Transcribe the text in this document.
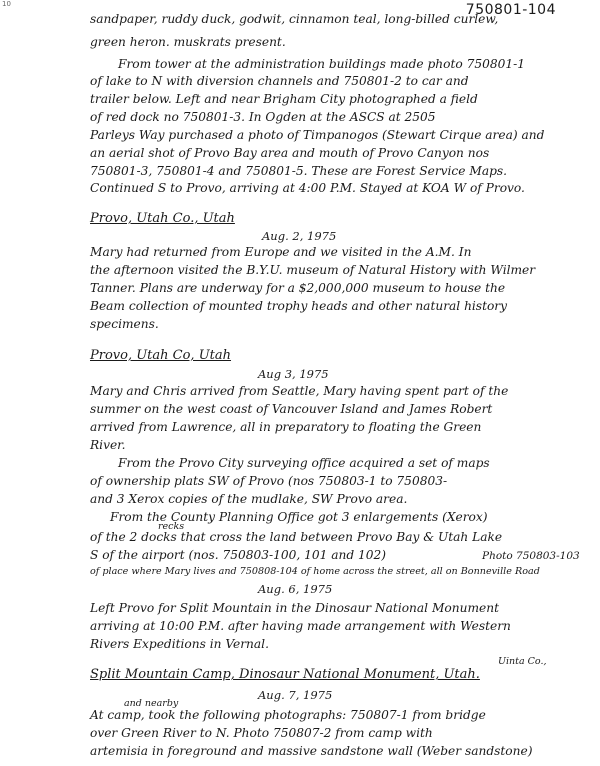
10	750801-104
sandpaper, ruddy duck, godwit, cinnamon teal, long-billed curlew,
green heron. muskrats present.
From tower at the administration buildings made photo 750801-1
of lake to N with diversion channels and 750801-2 to car and
trailer below. Left and near Brigham City photographed a field
of red dock no 750801-3. In Ogden at the ASCS at 2505
Parleys Way purchased a photo of Timpanogos (Stewart Cirque area) and
an aerial shot of Provo Bay area and mouth of Provo Canyon nos
750801-3, 750801-4 and 750801-5. These are Forest Service Maps.
Continued S to Provo, arriving at 4:00 P.M. Stayed at KOA W of Provo.
Provo, Utah Co., Utah
Aug. 2, 1975
Mary had returned from Europe and we visited in the A.M. In
the afternoon visited the B.Y.U. museum of Natural History with Wilmer
Tanner. Plans are underway for a $2,000,000 museum to house the
Beam collection of mounted trophy heads and other natural history
specimens.
Provo, Utah Co, Utah
Aug 3, 1975
Mary and Chris arrived from Seattle, Mary having spent part of the
summer on the west coast of Vancouver Island and James Robert
arrived from Lawrence, all in preparatory to floating the Green
River.
From the Provo City surveying office acquired a set of maps
of ownership plats SW of Provo (nos 750803-1 to 750803-
and 3 Xerox copies of the mudlake, SW Provo area.
From the County Planning Office got 3 enlargements (Xerox)
recks
of the 2 docks that cross the land between Provo Bay & Utah Lake
S of the airport (nos. 750803-100, 101 and 102)	Photo 750803-103
of place where Mary lives and 750808-104 of home across the street, all on Bonneville Road
Aug. 6, 1975
Left Provo for Split Mountain in the Dinosaur National Monument
arriving at 10:00 P.M. after having made arrangement with Western
Rivers Expeditions in Vernal.
Uinta Co.,
Split Mountain Camp, Dinosaur National Monument, Utah.
Aug. 7, 1975
and nearby
At camp, took the following photographs: 750807-1 from bridge
over Green River to N. Photo 750807-2 from camp with
artemisia in foreground and massive sandstone wall (Weber sandstone)
